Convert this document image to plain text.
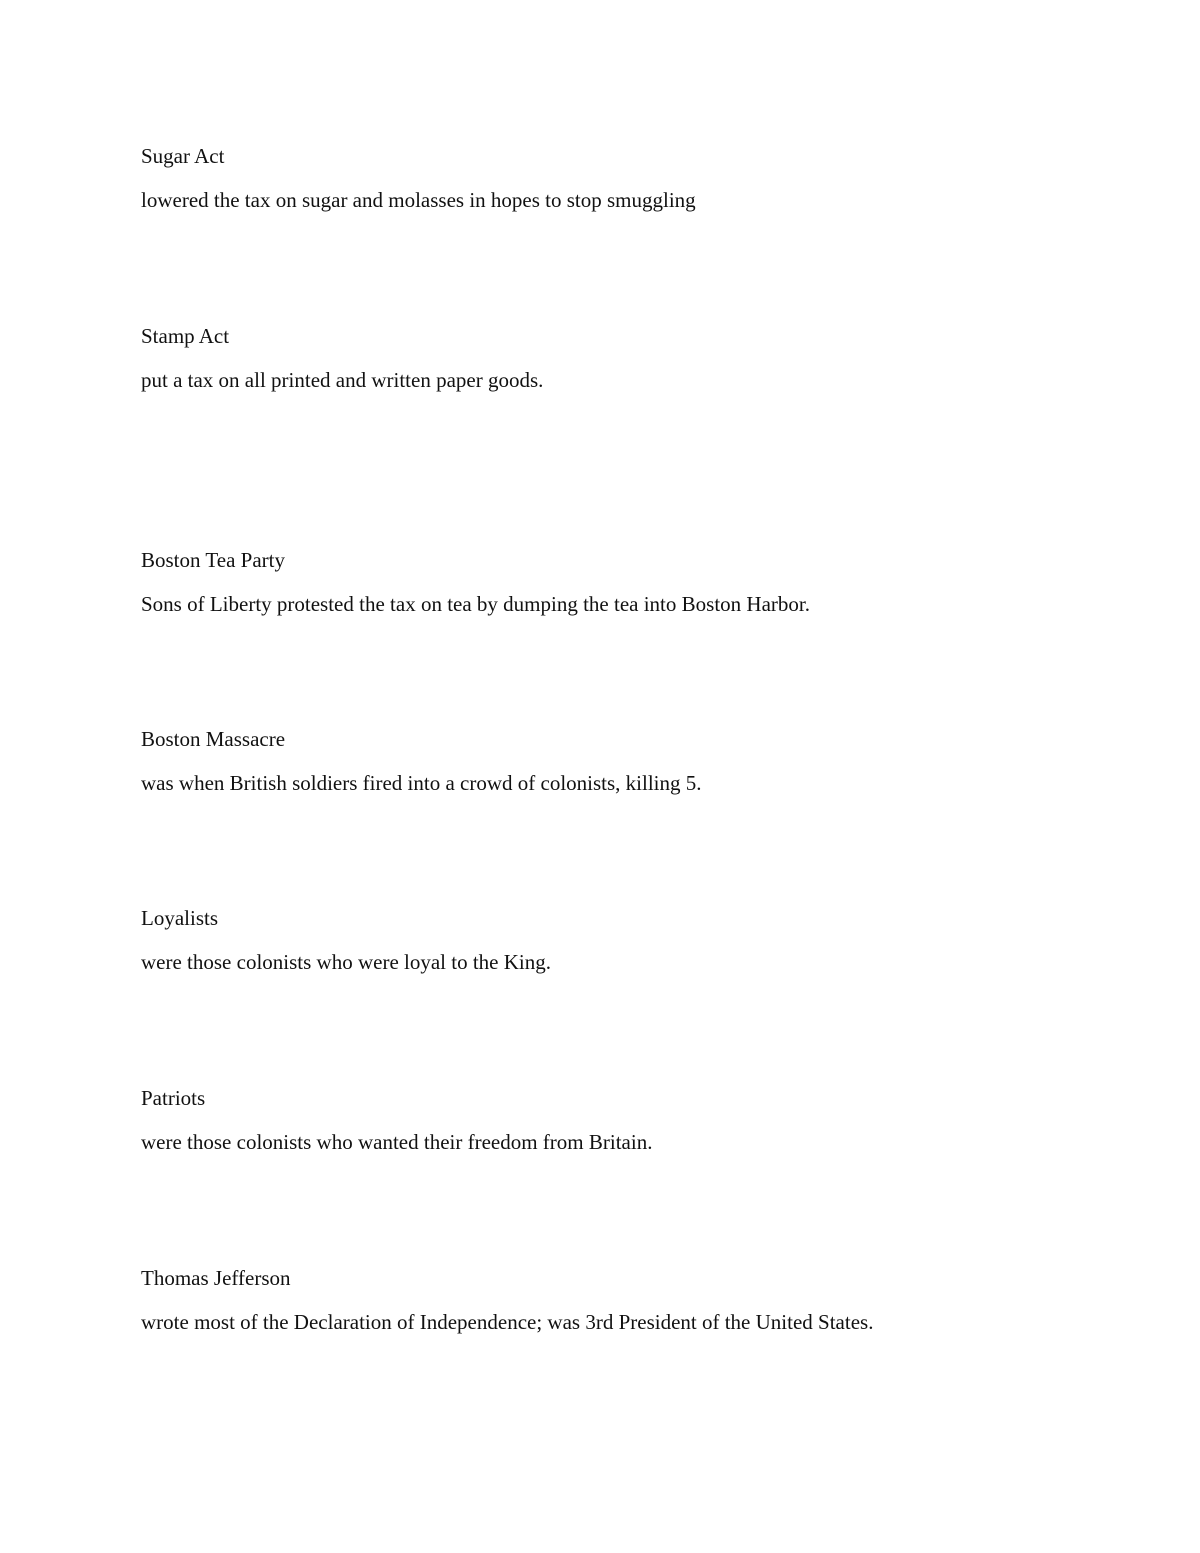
Sugar Act

lowered the tax on sugar and molasses in hopes to stop smuggling

Stamp Act

put a tax on all printed and written paper goods.

Boston Tea Party

Sons of Liberty protested the tax on tea by dumping the tea into Boston Harbor.

Boston Massacre

was when British soldiers fired into a crowd of colonists, killing 5.

Loyalists

were those colonists who were loyal to the King.

Patriots

were those colonists who wanted their freedom from Britain.

Thomas Jefferson

wrote most of the Declaration of Independence; was 3rd President of the United States.
